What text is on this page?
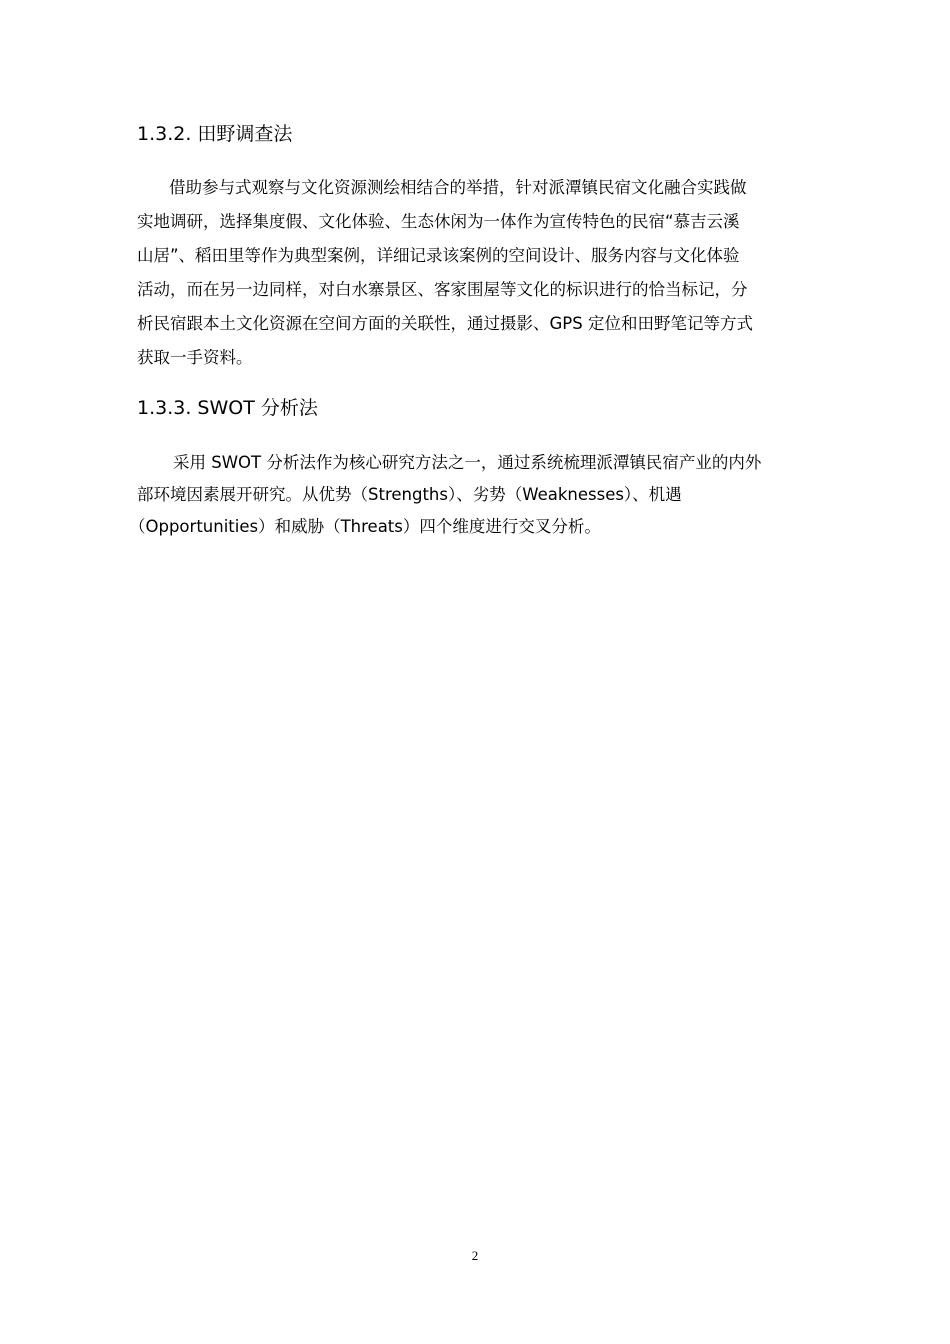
1.3.2. 田野调查法
借助参与式观察与文化资源测绘相结合的举措，针对派潭镇民宿文化融合实践做
实地调研，选择集度假、文化体验、生态休闲为一体作为宣传特色的民宿“慕吉云溪
山居”、稻田里等作为典型案例，详细记录该案例的空间设计、服务内容与文化体验
活动，而在另一边同样，对白水寨景区、客家围屋等文化的标识进行的恰当标记，分
析民宿跟本土文化资源在空间方面的关联性，通过摄影、GPS 定位和田野笔记等方式
获取一手资料。
1.3.3. SWOT 分析法
采用 SWOT 分析法作为核心研究方法之一，通过系统梳理派潭镇民宿产业的内外
部环境因素展开研究。从优势（Strengths）、劣势（Weaknesses）、机遇
（Opportunities）和威胁（Threats）四个维度进行交叉分析。
2
